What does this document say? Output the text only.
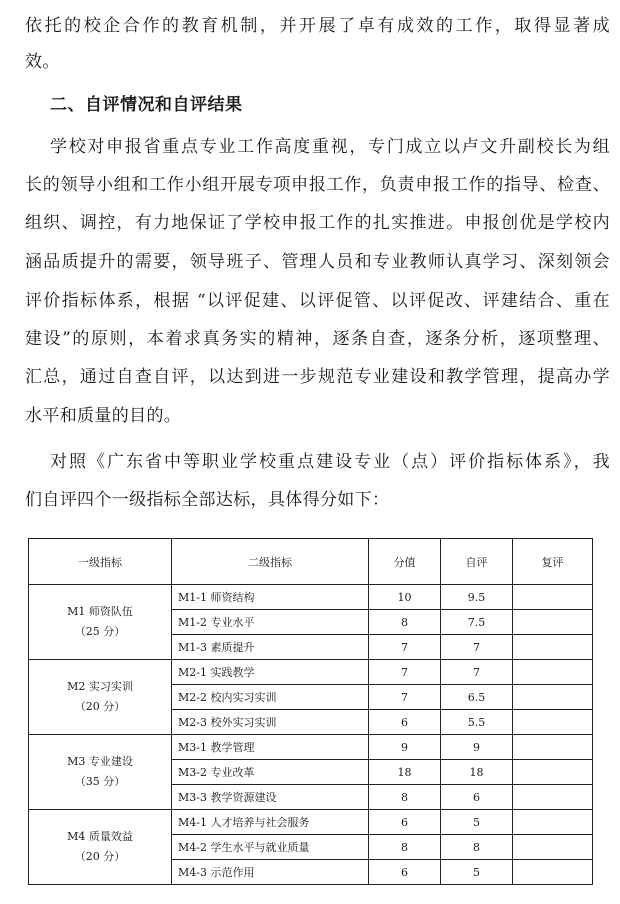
依托的校企合作的教育机制，并开展了卓有成效的工作，取得显著成
效。
二、自评情况和自评结果
学校对申报省重点专业工作高度重视，专门成立以卢文升副校长为组
长的领导小组和工作小组开展专项申报工作，负责申报工作的指导、检查、
组织、调控，有力地保证了学校申报工作的扎实推进。申报创优是学校内
涵品质提升的需要，领导班子、管理人员和专业教师认真学习、深刻领会
评价指标体系，根据 “以评促建、以评促管、以评促改、评建结合、重在
建设”的原则，本着求真务实的精神，逐条自查，逐条分析，逐项整理、
汇总，通过自查自评，以达到进一步规范专业建设和教学管理，提高办学
水平和质量的目的。
对照《广东省中等职业学校重点建设专业（点）评价指标体系》，我
们自评四个一级指标全部达标，具体得分如下：
一级指标	二级指标	分值	自评	复评

M1 师资队伍
（25 分）	M1-1 师资结构	10	9.5	
	M1-2 专业水平	8	7.5	
	M1-3 素质提升	7	7	

M2 实习实训
（20 分）	M2-1 实践教学	7	7	
	M2-2 校内实习实训	7	6.5	
	M2-3 校外实习实训	6	5.5	

M3 专业建设
（35 分）	M3-1 教学管理	9	9	
	M3-2 专业改革	18	18	
	M3-3 教学资源建设	8	6	

M4 质量效益
（20 分）	M4-1 人才培养与社会服务	6	5	
	M4-2 学生水平与就业质量	8	8	
	M4-3 示范作用	6	5	
